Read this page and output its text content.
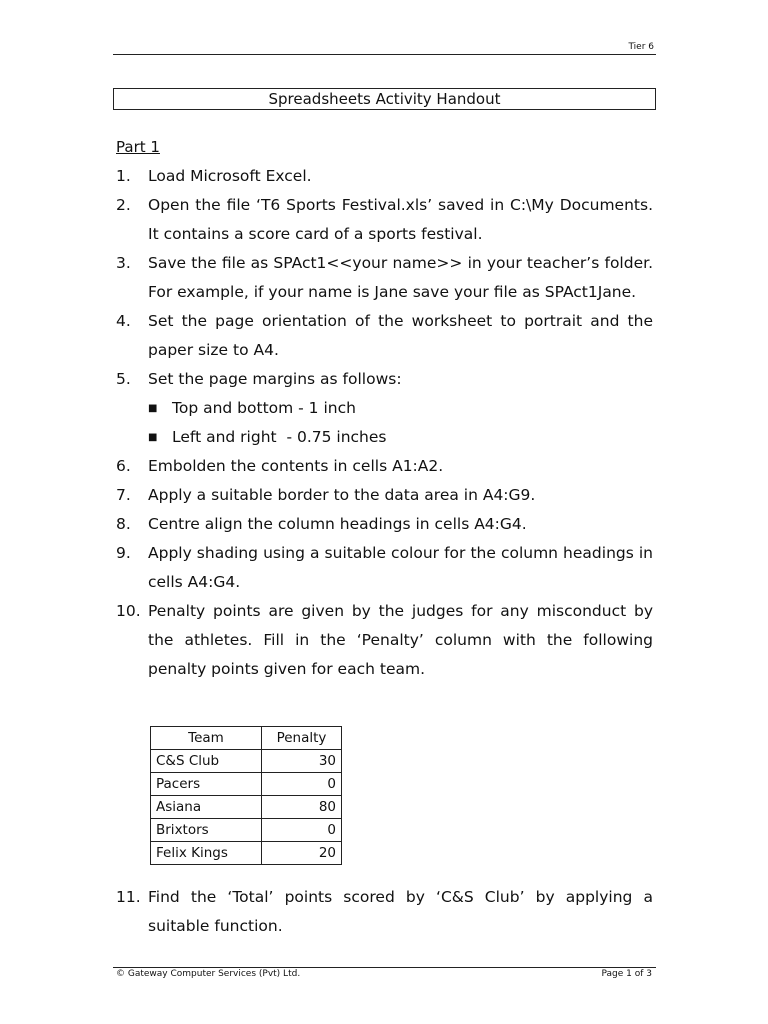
Tier 6
Spreadsheets Activity Handout
Part 1
1.	Load Microsoft Excel.
2.	Open the file ‘T6 Sports Festival.xls’ saved in C:\My Documents. It contains a score card of a sports festival.
3.	Save the file as SPAct1<<your name>> in your teacher’s folder. For example, if your name is Jane save your file as SPAct1Jane.
4.	Set the page orientation of the worksheet to portrait and the paper size to A4.
5.	Set the page margins as follows:
■ Top and bottom - 1 inch
■ Left and right  - 0.75 inches
6.	Embolden the contents in cells A1:A2.
7.	Apply a suitable border to the data area in A4:G9.
8.	Centre align the column headings in cells A4:G4.
9.	Apply shading using a suitable colour for the column headings in cells A4:G4.
10. Penalty points are given by the judges for any misconduct by the athletes. Fill in the ‘Penalty’ column with the following penalty points given for each team.
Team	Penalty
C&S Club	30
Pacers	0
Asiana	80
Brixtors	0
Felix Kings	20
11. Find the ‘Total’ points scored by ‘C&S Club’ by applying a suitable function.
© Gateway Computer Services (Pvt) Ltd.	Page 1 of 3
